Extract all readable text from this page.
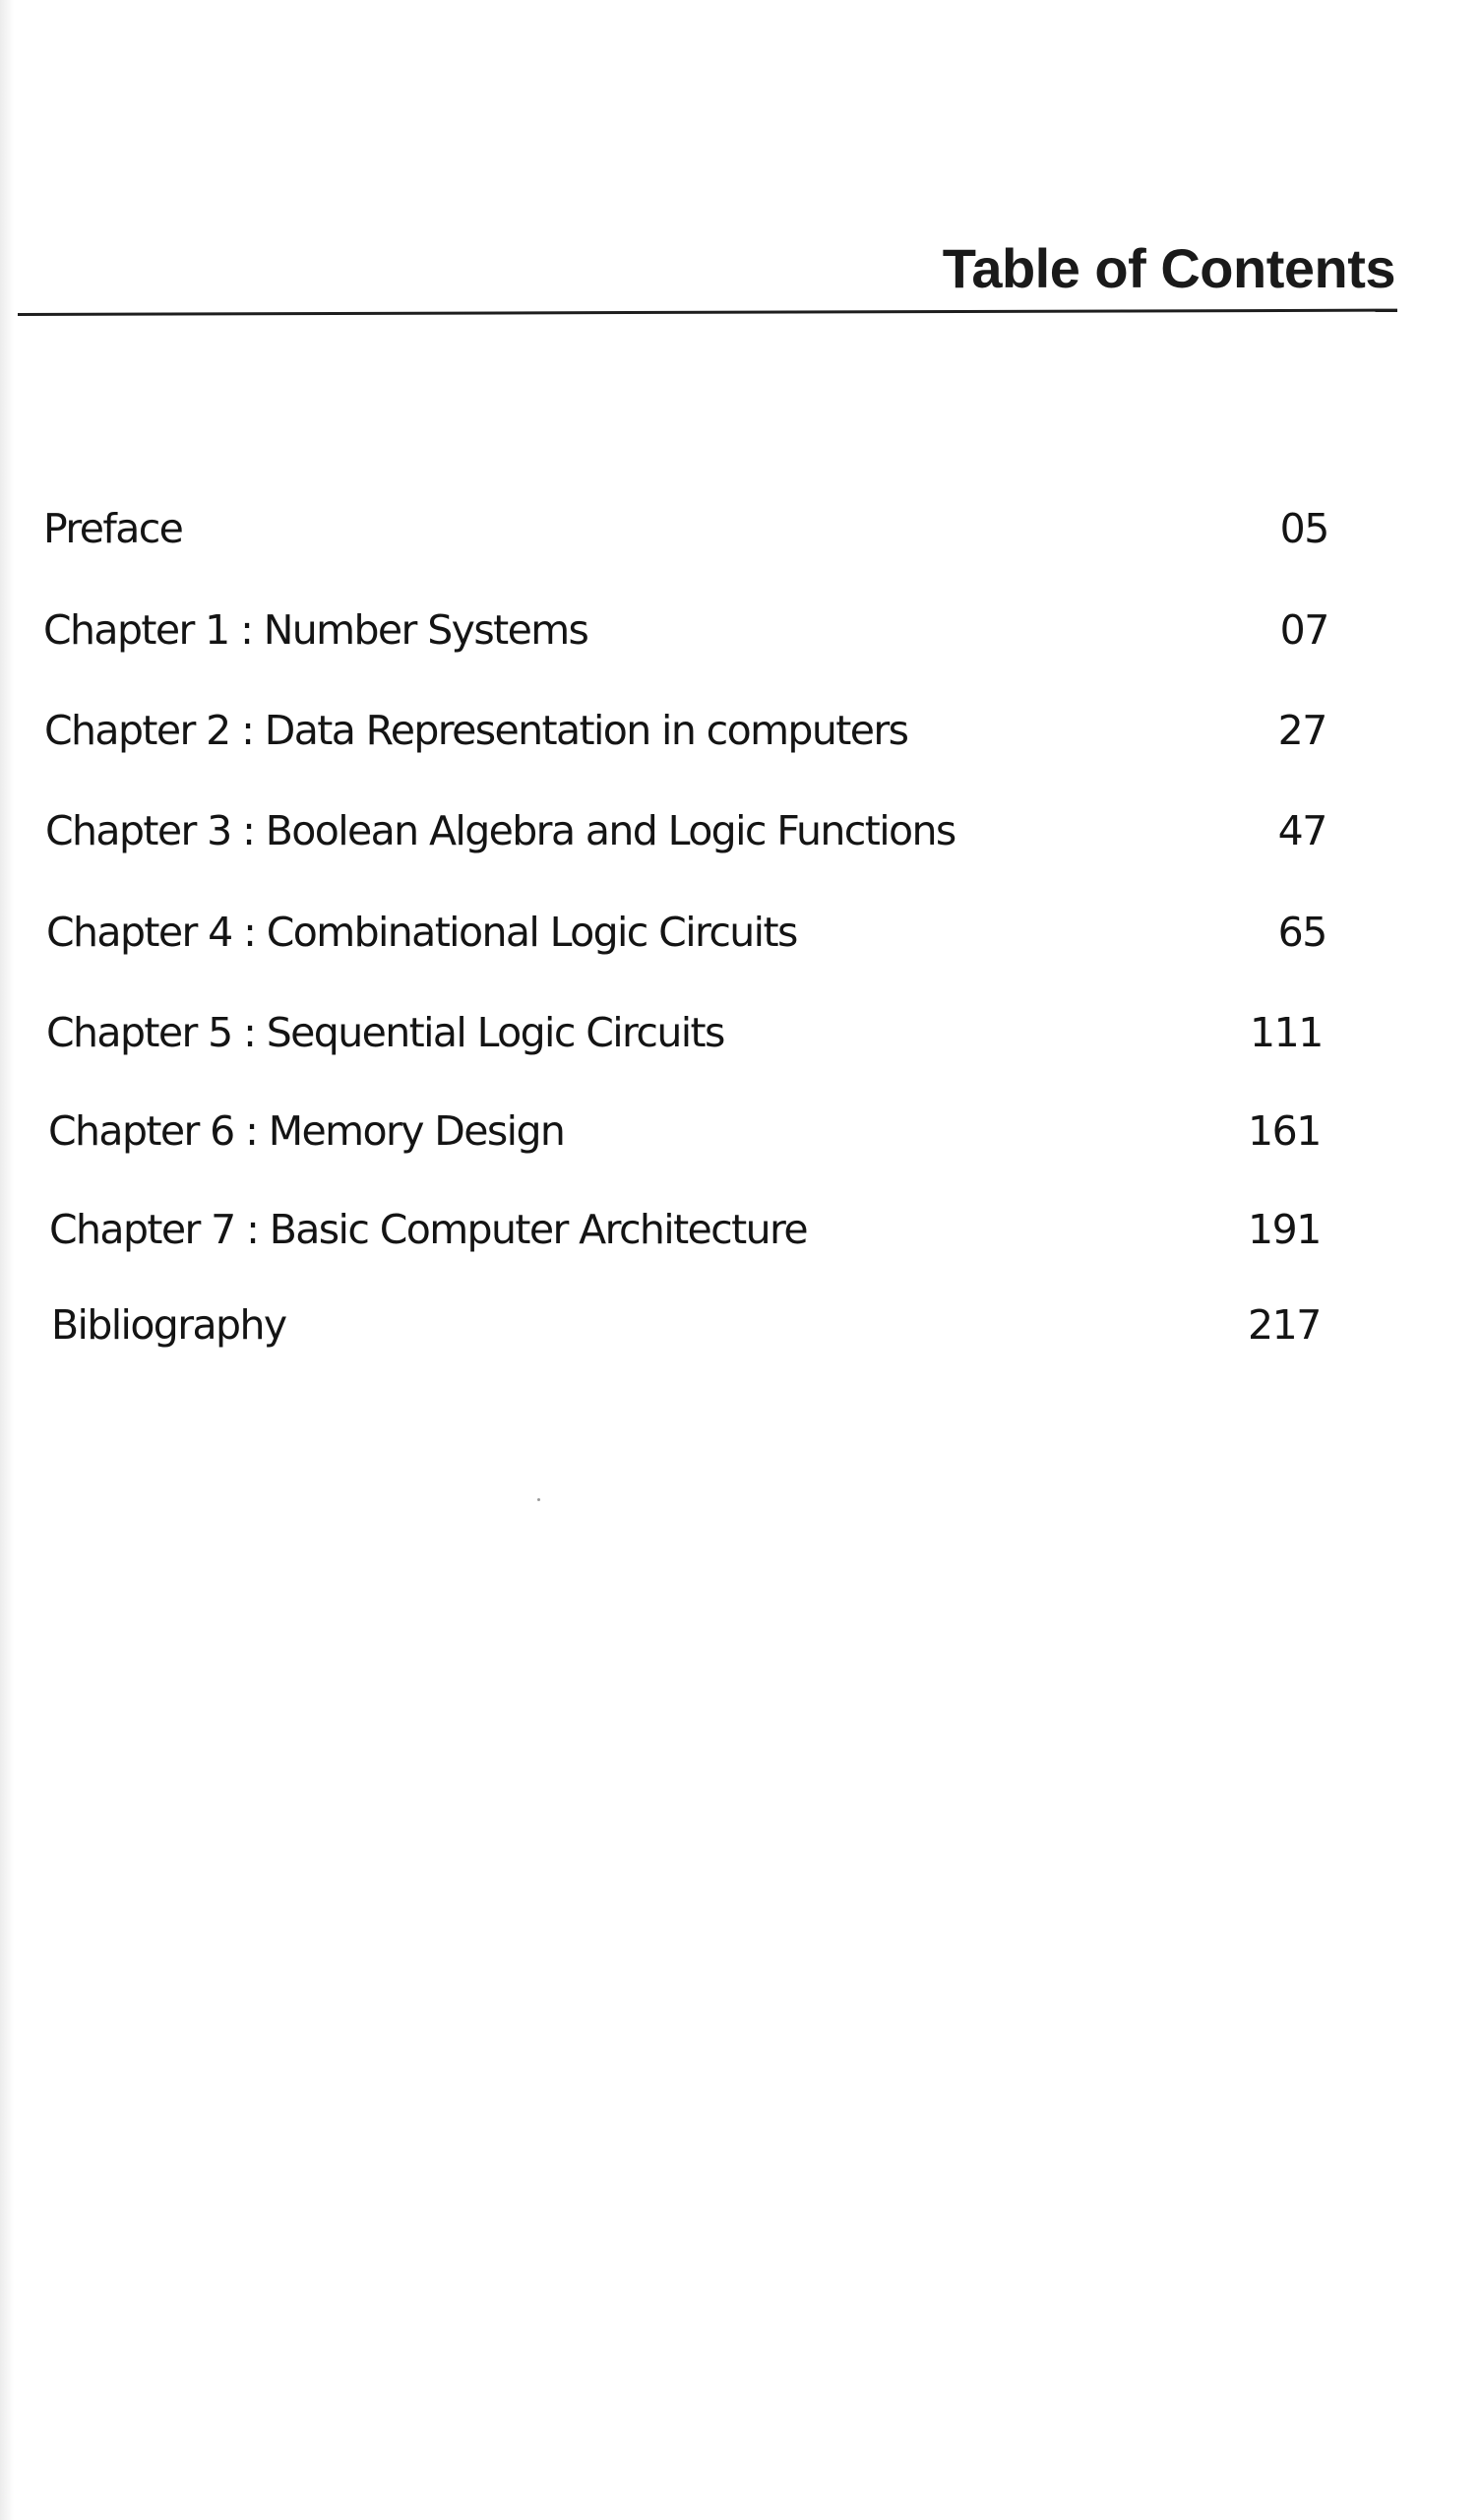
Table of Contents
Preface	05
Chapter 1 : Number Systems	07
Chapter 2 : Data Representation in computers	27
Chapter 3 : Boolean Algebra and Logic Functions	47
Chapter 4 : Combinational Logic Circuits	65
Chapter 5 : Sequential Logic Circuits	111
Chapter 6 : Memory Design	161
Chapter 7 : Basic Computer Architecture	191
Bibliography	217
